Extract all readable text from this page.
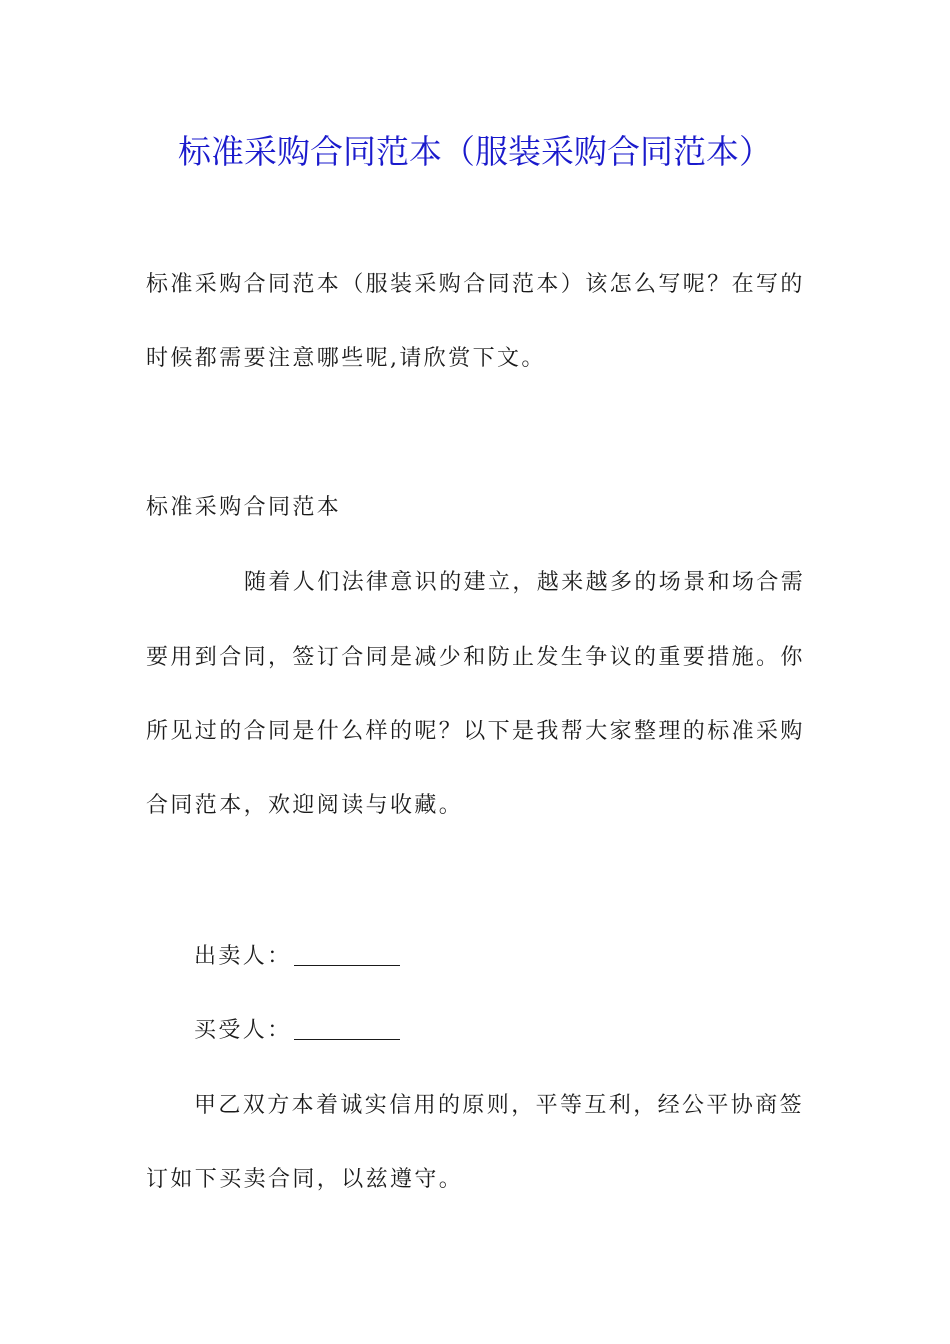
标准采购合同范本（服装采购合同范本）
标准采购合同范本（服装采购合同范本）该怎么写呢？在写的
时候都需要注意哪些呢,请欣赏下文。
标准采购合同范本
随着人们法律意识的建立，越来越多的场景和场合需
要用到合同，签订合同是减少和防止发生争议的重要措施。你
所见过的合同是什么样的呢？以下是我帮大家整理的标准采购
合同范本，欢迎阅读与收藏。
出卖人：
买受人：
甲乙双方本着诚实信用的原则，平等互利，经公平协商签
订如下买卖合同，以兹遵守。
